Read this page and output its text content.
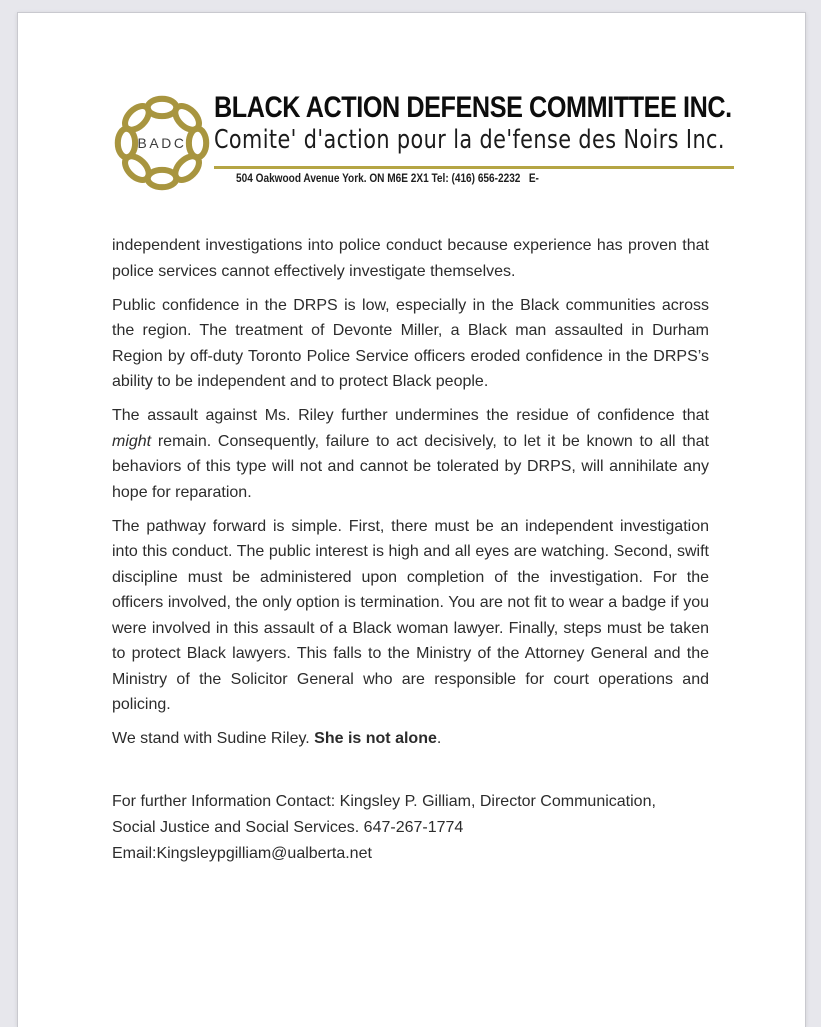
BADC
BLACK ACTION DEFENSE COMMITTEE INC.
Comite' d'action pour la de'fense des Noirs Inc.
504 Oakwood Avenue York. ON M6E 2X1 Tel: (416) 656-2232   E-

independent investigations into police conduct because experience has proven that police services cannot effectively investigate themselves.

Public confidence in the DRPS is low, especially in the Black communities across the region. The treatment of Devonte Miller, a Black man assaulted in Durham Region by off-duty Toronto Police Service officers eroded confidence in the DRPS’s ability to be independent and to protect Black people.

The assault against Ms. Riley further undermines the residue of confidence that might remain. Consequently, failure to act decisively, to let it be known to all that behaviors of this type will not and cannot be tolerated by DRPS, will annihilate any hope for reparation.

The pathway forward is simple. First, there must be an independent investigation into this conduct. The public interest is high and all eyes are watching. Second, swift discipline must be administered upon completion of the investigation. For the officers involved, the only option is termination. You are not fit to wear a badge if you were involved in this assault of a Black woman lawyer. Finally, steps must be taken to protect Black lawyers. This falls to the Ministry of the Attorney General and the Ministry of the Solicitor General who are responsible for court operations and policing.

We stand with Sudine Riley. She is not alone.

For further Information Contact: Kingsley P. Gilliam, Director Communication,
Social Justice and Social Services. 647-267-1774
Email:Kingsleypgilliam@ualberta.net
